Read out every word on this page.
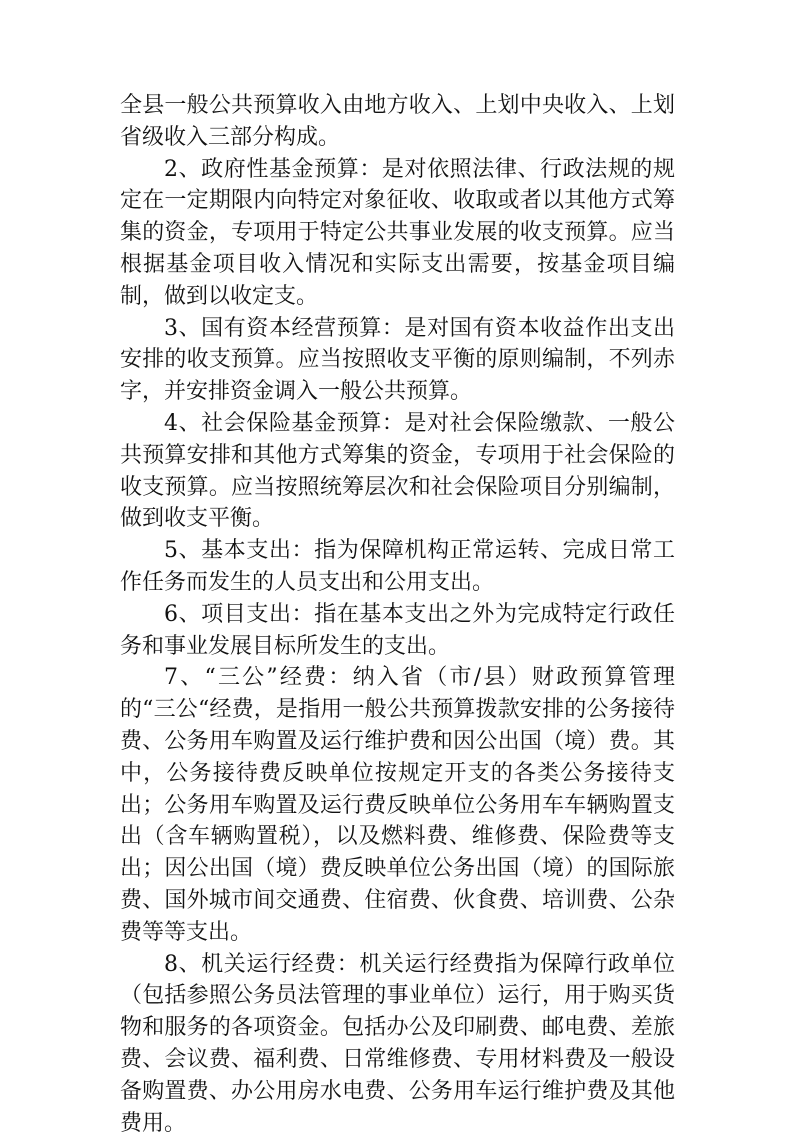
全县一般公共预算收入由地方收入、上划中央收入、上划省级收入三部分构成。

2、政府性基金预算：是对依照法律、行政法规的规定在一定期限内向特定对象征收、收取或者以其他方式筹集的资金，专项用于特定公共事业发展的收支预算。应当根据基金项目收入情况和实际支出需要，按基金项目编制，做到以收定支。

3、国有资本经营预算：是对国有资本收益作出支出安排的收支预算。应当按照收支平衡的原则编制，不列赤字，并安排资金调入一般公共预算。

4、社会保险基金预算：是对社会保险缴款、一般公共预算安排和其他方式筹集的资金，专项用于社会保险的收支预算。应当按照统筹层次和社会保险项目分别编制，做到收支平衡。

5、基本支出：指为保障机构正常运转、完成日常工作任务而发生的人员支出和公用支出。

6、项目支出：指在基本支出之外为完成特定行政任务和事业发展目标所发生的支出。

7、“三公”经费：纳入省（市/县）财政预算管理的“三公“经费，是指用一般公共预算拨款安排的公务接待费、公务用车购置及运行维护费和因公出国（境）费。其中，公务接待费反映单位按规定开支的各类公务接待支出；公务用车购置及运行费反映单位公务用车车辆购置支出（含车辆购置税），以及燃料费、维修费、保险费等支出；因公出国（境）费反映单位公务出国（境）的国际旅费、国外城市间交通费、住宿费、伙食费、培训费、公杂费等等支出。

8、机关运行经费：机关运行经费指为保障行政单位（包括参照公务员法管理的事业单位）运行，用于购买货物和服务的各项资金。包括办公及印刷费、邮电费、差旅费、会议费、福利费、日常维修费、专用材料费及一般设备购置费、办公用房水电费、公务用车运行维护费及其他费用。
